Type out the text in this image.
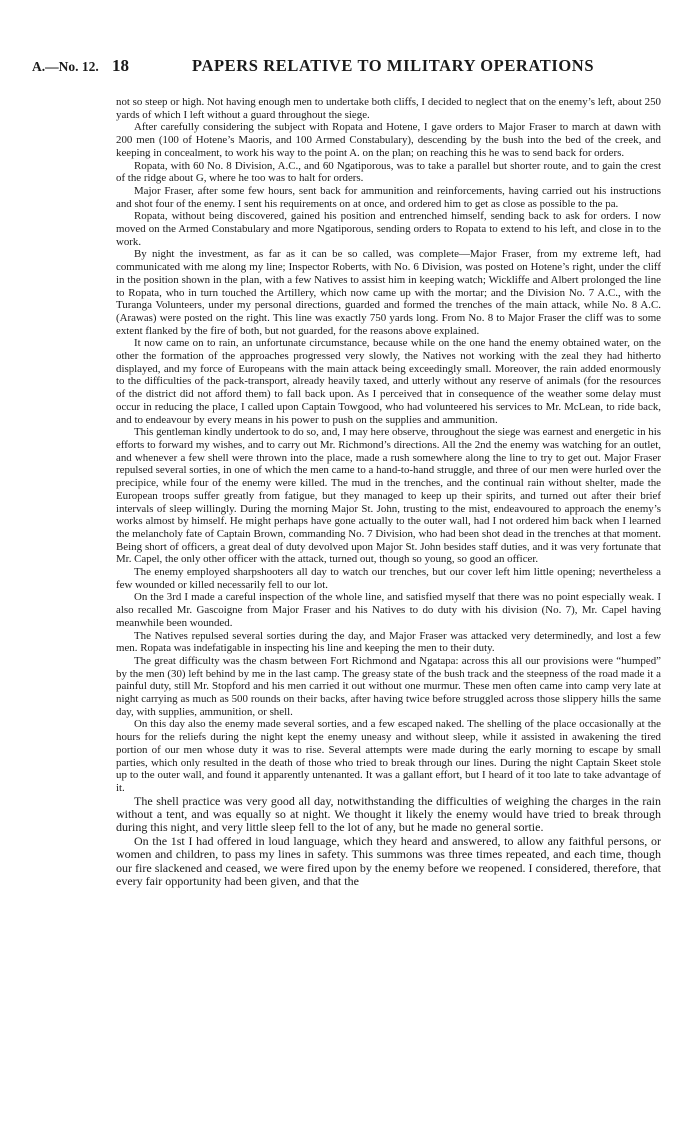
A.—No. 12. 18	PAPERS RELATIVE TO MILITARY OPERATIONS

not so steep or high. Not having enough men to undertake both cliffs, I decided to neglect that on the enemy’s left, about 250 yards of which I left without a guard throughout the siege.

After carefully considering the subject with Ropata and Hotene, I gave orders to Major Fraser to march at dawn with 200 men (100 of Hotene’s Maoris, and 100 Armed Constabulary), descending by the bush into the bed of the creek, and keeping in concealment, to work his way to the point A. on the plan; on reaching this he was to send back for orders.

Ropata, with 60 No. 8 Division, A.C., and 60 Ngatiporous, was to take a parallel but shorter route, and to gain the crest of the ridge about G, where he too was to halt for orders.

Major Fraser, after some few hours, sent back for ammunition and reinforcements, having carried out his instructions and shot four of the enemy. I sent his requirements on at once, and ordered him to get as close as possible to the pa.

Ropata, without being discovered, gained his position and entrenched himself, sending back to ask for orders. I now moved on the Armed Constabulary and more Ngatiporous, sending orders to Ropata to extend to his left, and close in to the work.

By night the investment, as far as it can be so called, was complete—Major Fraser, from my extreme left, had communicated with me along my line; Inspector Roberts, with No. 6 Division, was posted on Hotene’s right, under the cliff in the position shown in the plan, with a few Natives to assist him in keeping watch; Wickliffe and Albert prolonged the line to Ropata, who in turn touched the Artillery, which now came up with the mortar; and the Division No. 7 A.C., with the Turanga Volunteers, under my personal directions, guarded and formed the trenches of the main attack, while No. 8 A.C. (Arawas) were posted on the right. This line was exactly 750 yards long. From No. 8 to Major Fraser the cliff was to some extent flanked by the fire of both, but not guarded, for the reasons above explained.

It now came on to rain, an unfortunate circumstance, because while on the one hand the enemy obtained water, on the other the formation of the approaches progressed very slowly, the Natives not working with the zeal they had hitherto displayed, and my force of Europeans with the main attack being exceedingly small. Moreover, the rain added enormously to the difficulties of the pack-transport, already heavily taxed, and utterly without any reserve of animals (for the resources of the district did not afford them) to fall back upon. As I perceived that in consequence of the weather some delay must occur in reducing the place, I called upon Captain Towgood, who had volunteered his services to Mr. McLean, to ride back, and to endeavour by every means in his power to push on the supplies and ammunition.

This gentleman kindly undertook to do so, and, I may here observe, throughout the siege was earnest and energetic in his efforts to forward my wishes, and to carry out Mr. Richmond’s directions. All the 2nd the enemy was watching for an outlet, and whenever a few shell were thrown into the place, made a rush somewhere along the line to try to get out. Major Fraser repulsed several sorties, in one of which the men came to a hand-to-hand struggle, and three of our men were hurled over the precipice, while four of the enemy were killed. The mud in the trenches, and the continual rain without shelter, made the European troops suffer greatly from fatigue, but they managed to keep up their spirits, and turned out after their brief intervals of sleep willingly. During the morning Major St. John, trusting to the mist, endeavoured to approach the enemy’s works almost by himself. He might perhaps have gone actually to the outer wall, had I not ordered him back when I learned the melancholy fate of Captain Brown, commanding No. 7 Division, who had been shot dead in the trenches at that moment. Being short of officers, a great deal of duty devolved upon Major St. John besides staff duties, and it was very fortunate that Mr. Capel, the only other officer with the attack, turned out, though so young, so good an officer.

The enemy employed sharpshooters all day to watch our trenches, but our cover left him little opening; nevertheless a few wounded or killed necessarily fell to our lot.

On the 3rd I made a careful inspection of the whole line, and satisfied myself that there was no point especially weak. I also recalled Mr. Gascoigne from Major Fraser and his Natives to do duty with his division (No. 7), Mr. Capel having meanwhile been wounded.

The Natives repulsed several sorties during the day, and Major Fraser was attacked very determinedly, and lost a few men. Ropata was indefatigable in inspecting his line and keeping the men to their duty.

The great difficulty was the chasm between Fort Richmond and Ngatapa: across this all our provisions were “humped” by the men (30) left behind by me in the last camp. The greasy state of the bush track and the steepness of the road made it a painful duty, still Mr. Stopford and his men carried it out without one murmur. These men often came into camp very late at night carrying as much as 500 rounds on their backs, after having twice before struggled across those slippery hills the same day, with supplies, ammunition, or shell.

On this day also the enemy made several sorties, and a few escaped naked. The shelling of the place occasionally at the hours for the reliefs during the night kept the enemy uneasy and without sleep, while it assisted in awakening the tired portion of our men whose duty it was to rise. Several attempts were made during the early morning to escape by small parties, which only resulted in the death of those who tried to break through our lines. During the night Captain Skeet stole up to the outer wall, and found it apparently untenanted. It was a gallant effort, but I heard of it too late to take advantage of it.

The shell practice was very good all day, notwithstanding the difficulties of weighing the charges in the rain without a tent, and was equally so at night. We thought it likely the enemy would have tried to break through during this night, and very little sleep fell to the lot of any, but he made no general sortie.

On the 1st I had offered in loud language, which they heard and answered, to allow any faithful persons, or women and children, to pass my lines in safety. This summons was three times repeated, and each time, though our fire slackened and ceased, we were fired upon by the enemy before we reopened. I considered, therefore, that every fair opportunity had been given, and that the
